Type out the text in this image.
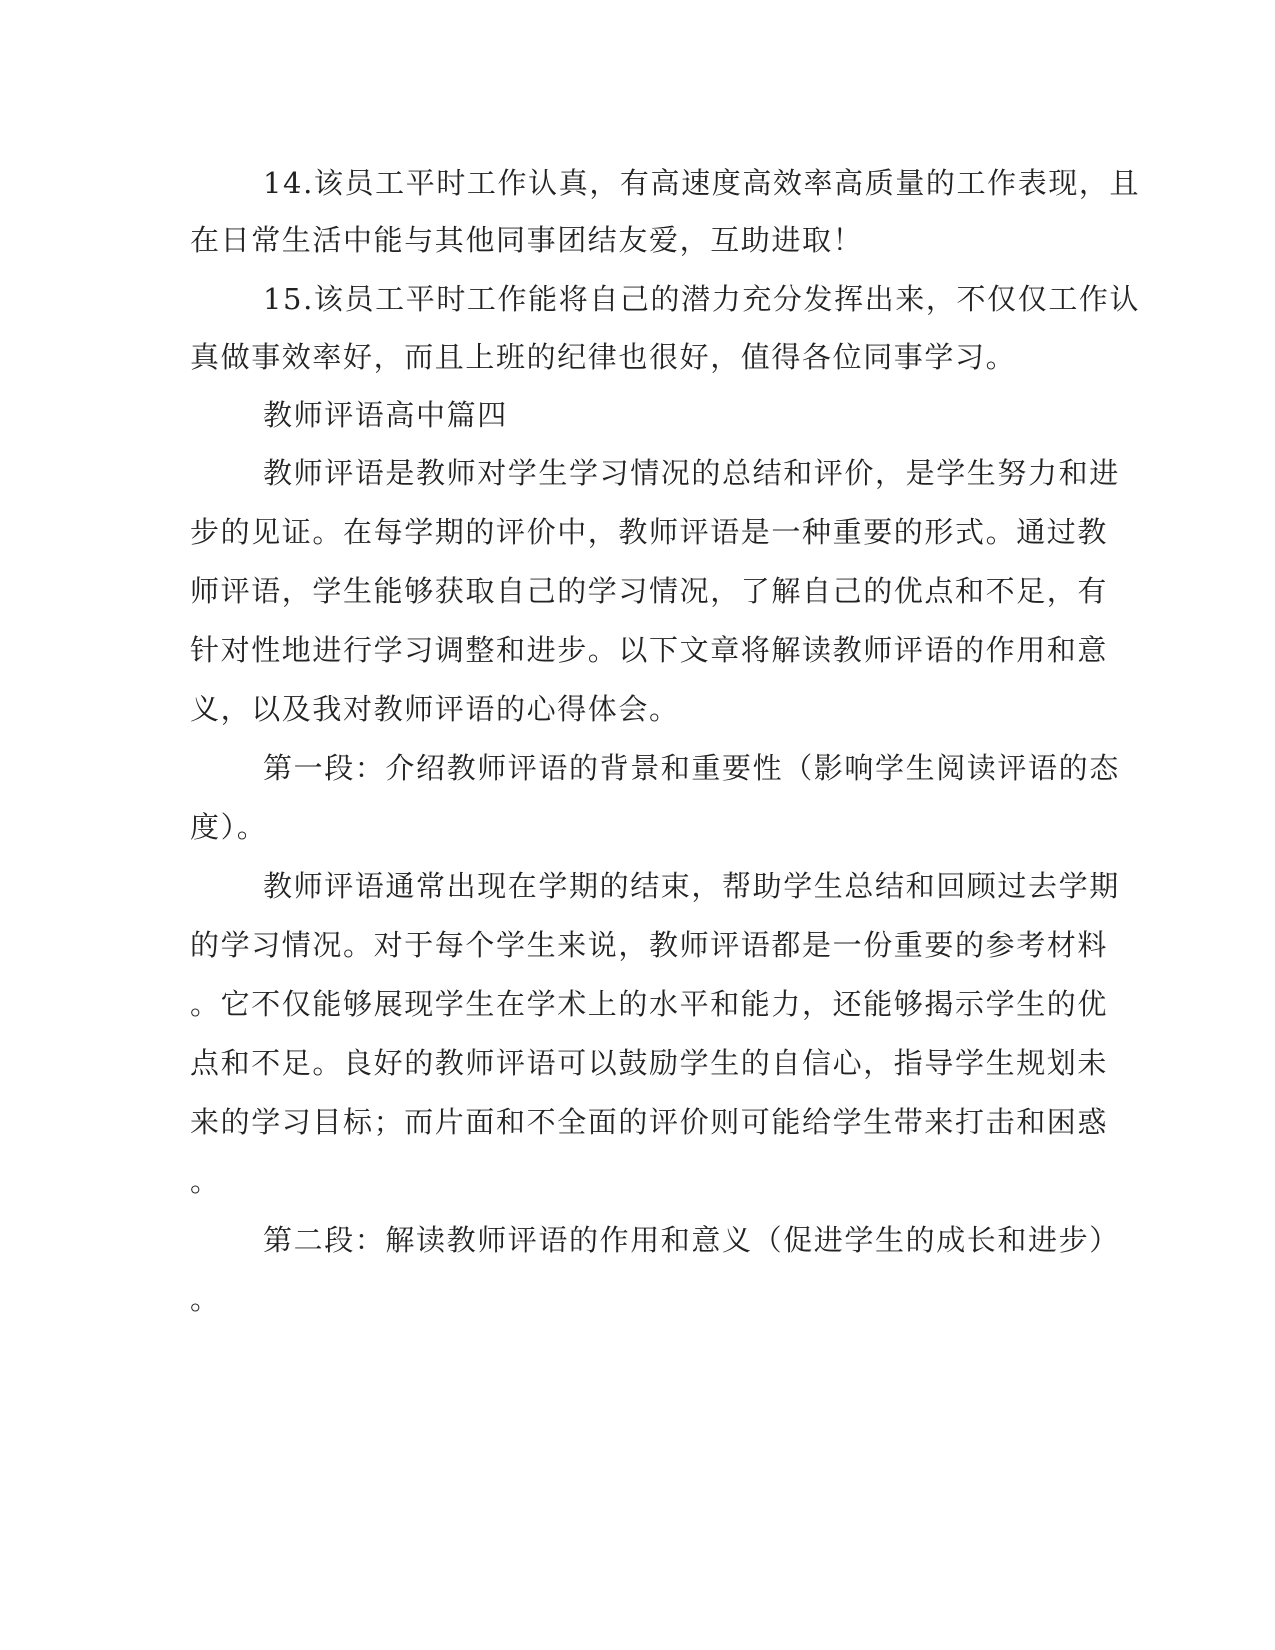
14.该员工平时工作认真，有高速度高效率高质量的工作表现，且

在日常生活中能与其他同事团结友爱，互助进取！

15.该员工平时工作能将自己的潜力充分发挥出来，不仅仅工作认

真做事效率好，而且上班的纪律也很好，值得各位同事学习。

教师评语高中篇四

教师评语是教师对学生学习情况的总结和评价，是学生努力和进

步的见证。在每学期的评价中，教师评语是一种重要的形式。通过教

师评语，学生能够获取自己的学习情况，了解自己的优点和不足，有

针对性地进行学习调整和进步。以下文章将解读教师评语的作用和意

义，以及我对教师评语的心得体会。

第一段：介绍教师评语的背景和重要性（影响学生阅读评语的态

度）。

教师评语通常出现在学期的结束，帮助学生总结和回顾过去学期

的学习情况。对于每个学生来说，教师评语都是一份重要的参考材料

。它不仅能够展现学生在学术上的水平和能力，还能够揭示学生的优

点和不足。良好的教师评语可以鼓励学生的自信心，指导学生规划未

来的学习目标；而片面和不全面的评价则可能给学生带来打击和困惑

。

第二段：解读教师评语的作用和意义（促进学生的成长和进步）

。
